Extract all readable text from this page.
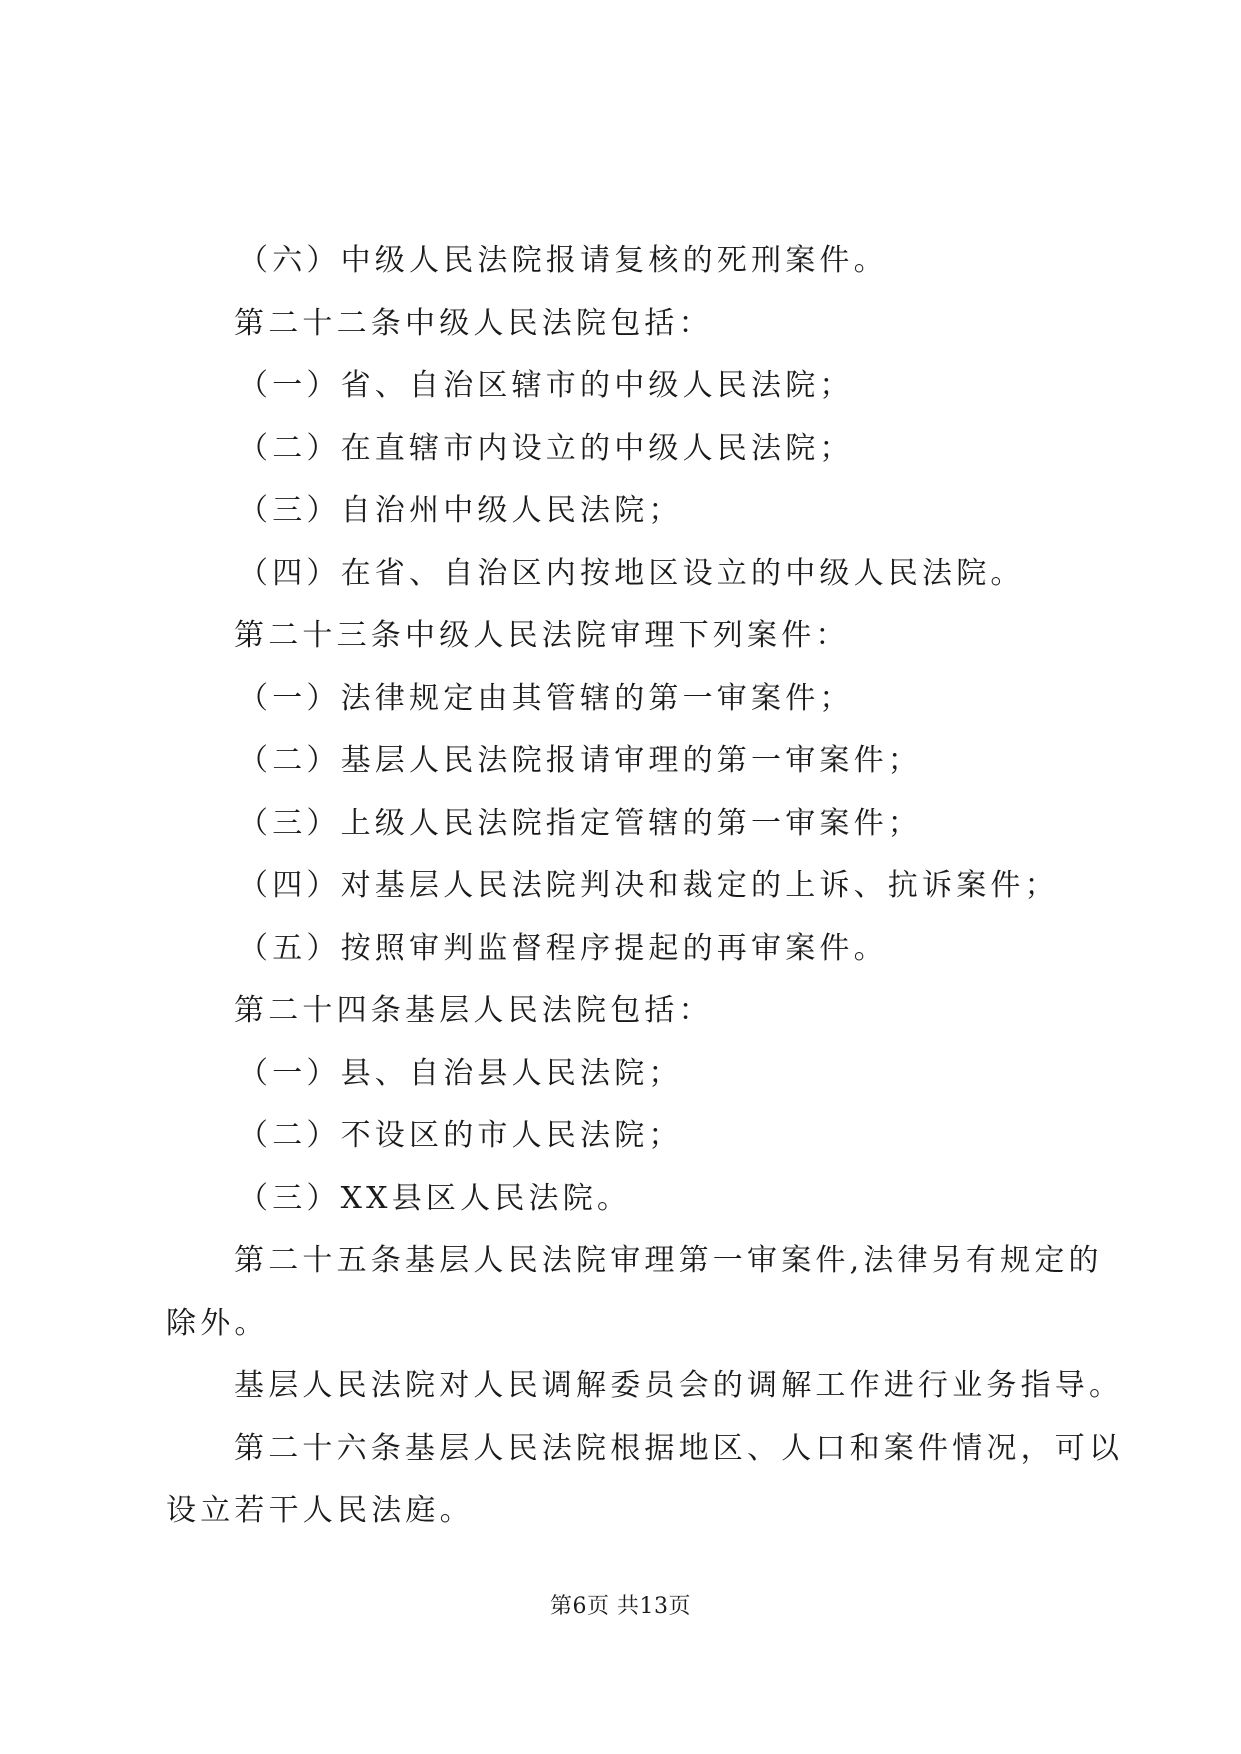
（六）中级人民法院报请复核的死刑案件。
第二十二条中级人民法院包括：
（一）省、自治区辖市的中级人民法院；
（二）在直辖市内设立的中级人民法院；
（三）自治州中级人民法院；
（四）在省、自治区内按地区设立的中级人民法院。
第二十三条中级人民法院审理下列案件：
（一）法律规定由其管辖的第一审案件；
（二）基层人民法院报请审理的第一审案件；
（三）上级人民法院指定管辖的第一审案件；
（四）对基层人民法院判决和裁定的上诉、抗诉案件；
（五）按照审判监督程序提起的再审案件。
第二十四条基层人民法院包括：
（一）县、自治县人民法院；
（二）不设区的市人民法院；
（三）XX县区人民法院。
第二十五条基层人民法院审理第一审案件,法律另有规定的
除外。
基层人民法院对人民调解委员会的调解工作进行业务指导。
第二十六条基层人民法院根据地区、人口和案件情况，可以
设立若干人民法庭。
第6页 共13页
